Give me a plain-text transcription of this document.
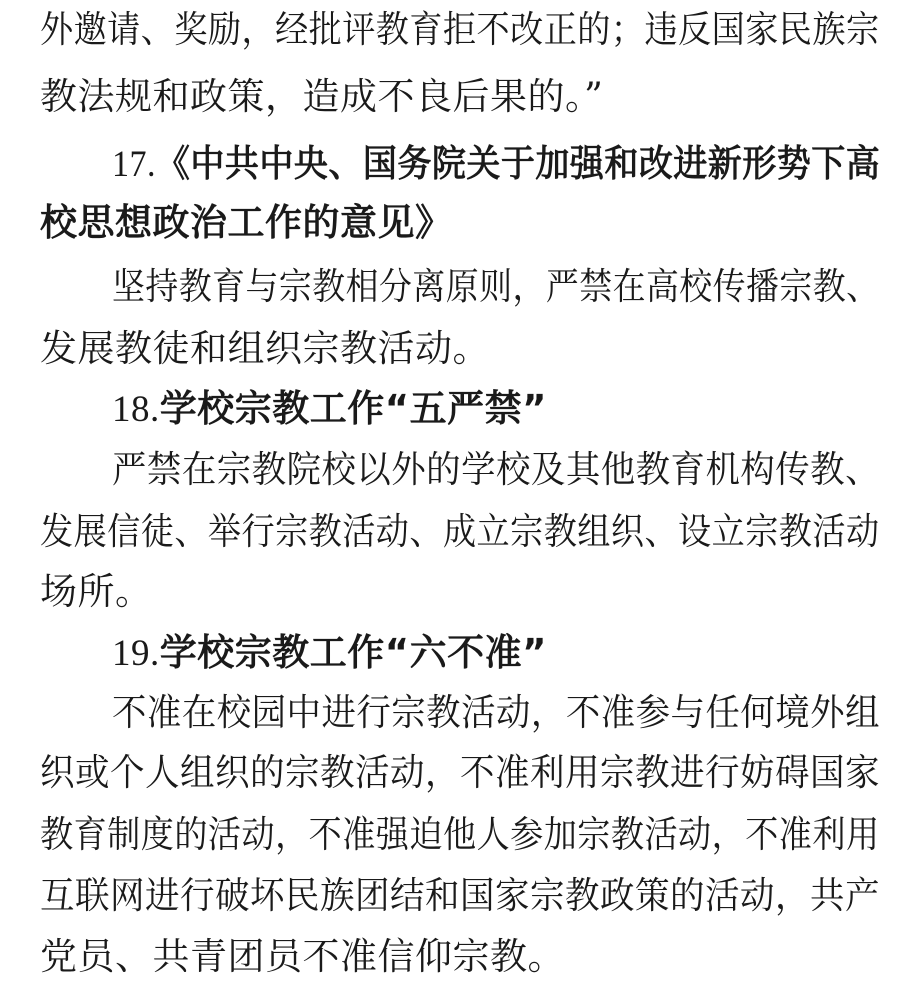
外邀请、奖励，经批评教育拒不改正的；违反国家民族宗
教法规和政策，造成不良后果的。”
17.《中共中央、国务院关于加强和改进新形势下高
校思想政治工作的意见》
坚持教育与宗教相分离原则，严禁在高校传播宗教、
发展教徒和组织宗教活动。
18.学校宗教工作“五严禁”
严禁在宗教院校以外的学校及其他教育机构传教、
发展信徒、举行宗教活动、成立宗教组织、设立宗教活动
场所。
19.学校宗教工作“六不准”
不准在校园中进行宗教活动，不准参与任何境外组
织或个人组织的宗教活动，不准利用宗教进行妨碍国家
教育制度的活动，不准强迫他人参加宗教活动，不准利用
互联网进行破坏民族团结和国家宗教政策的活动，共产
党员、共青团员不准信仰宗教。
